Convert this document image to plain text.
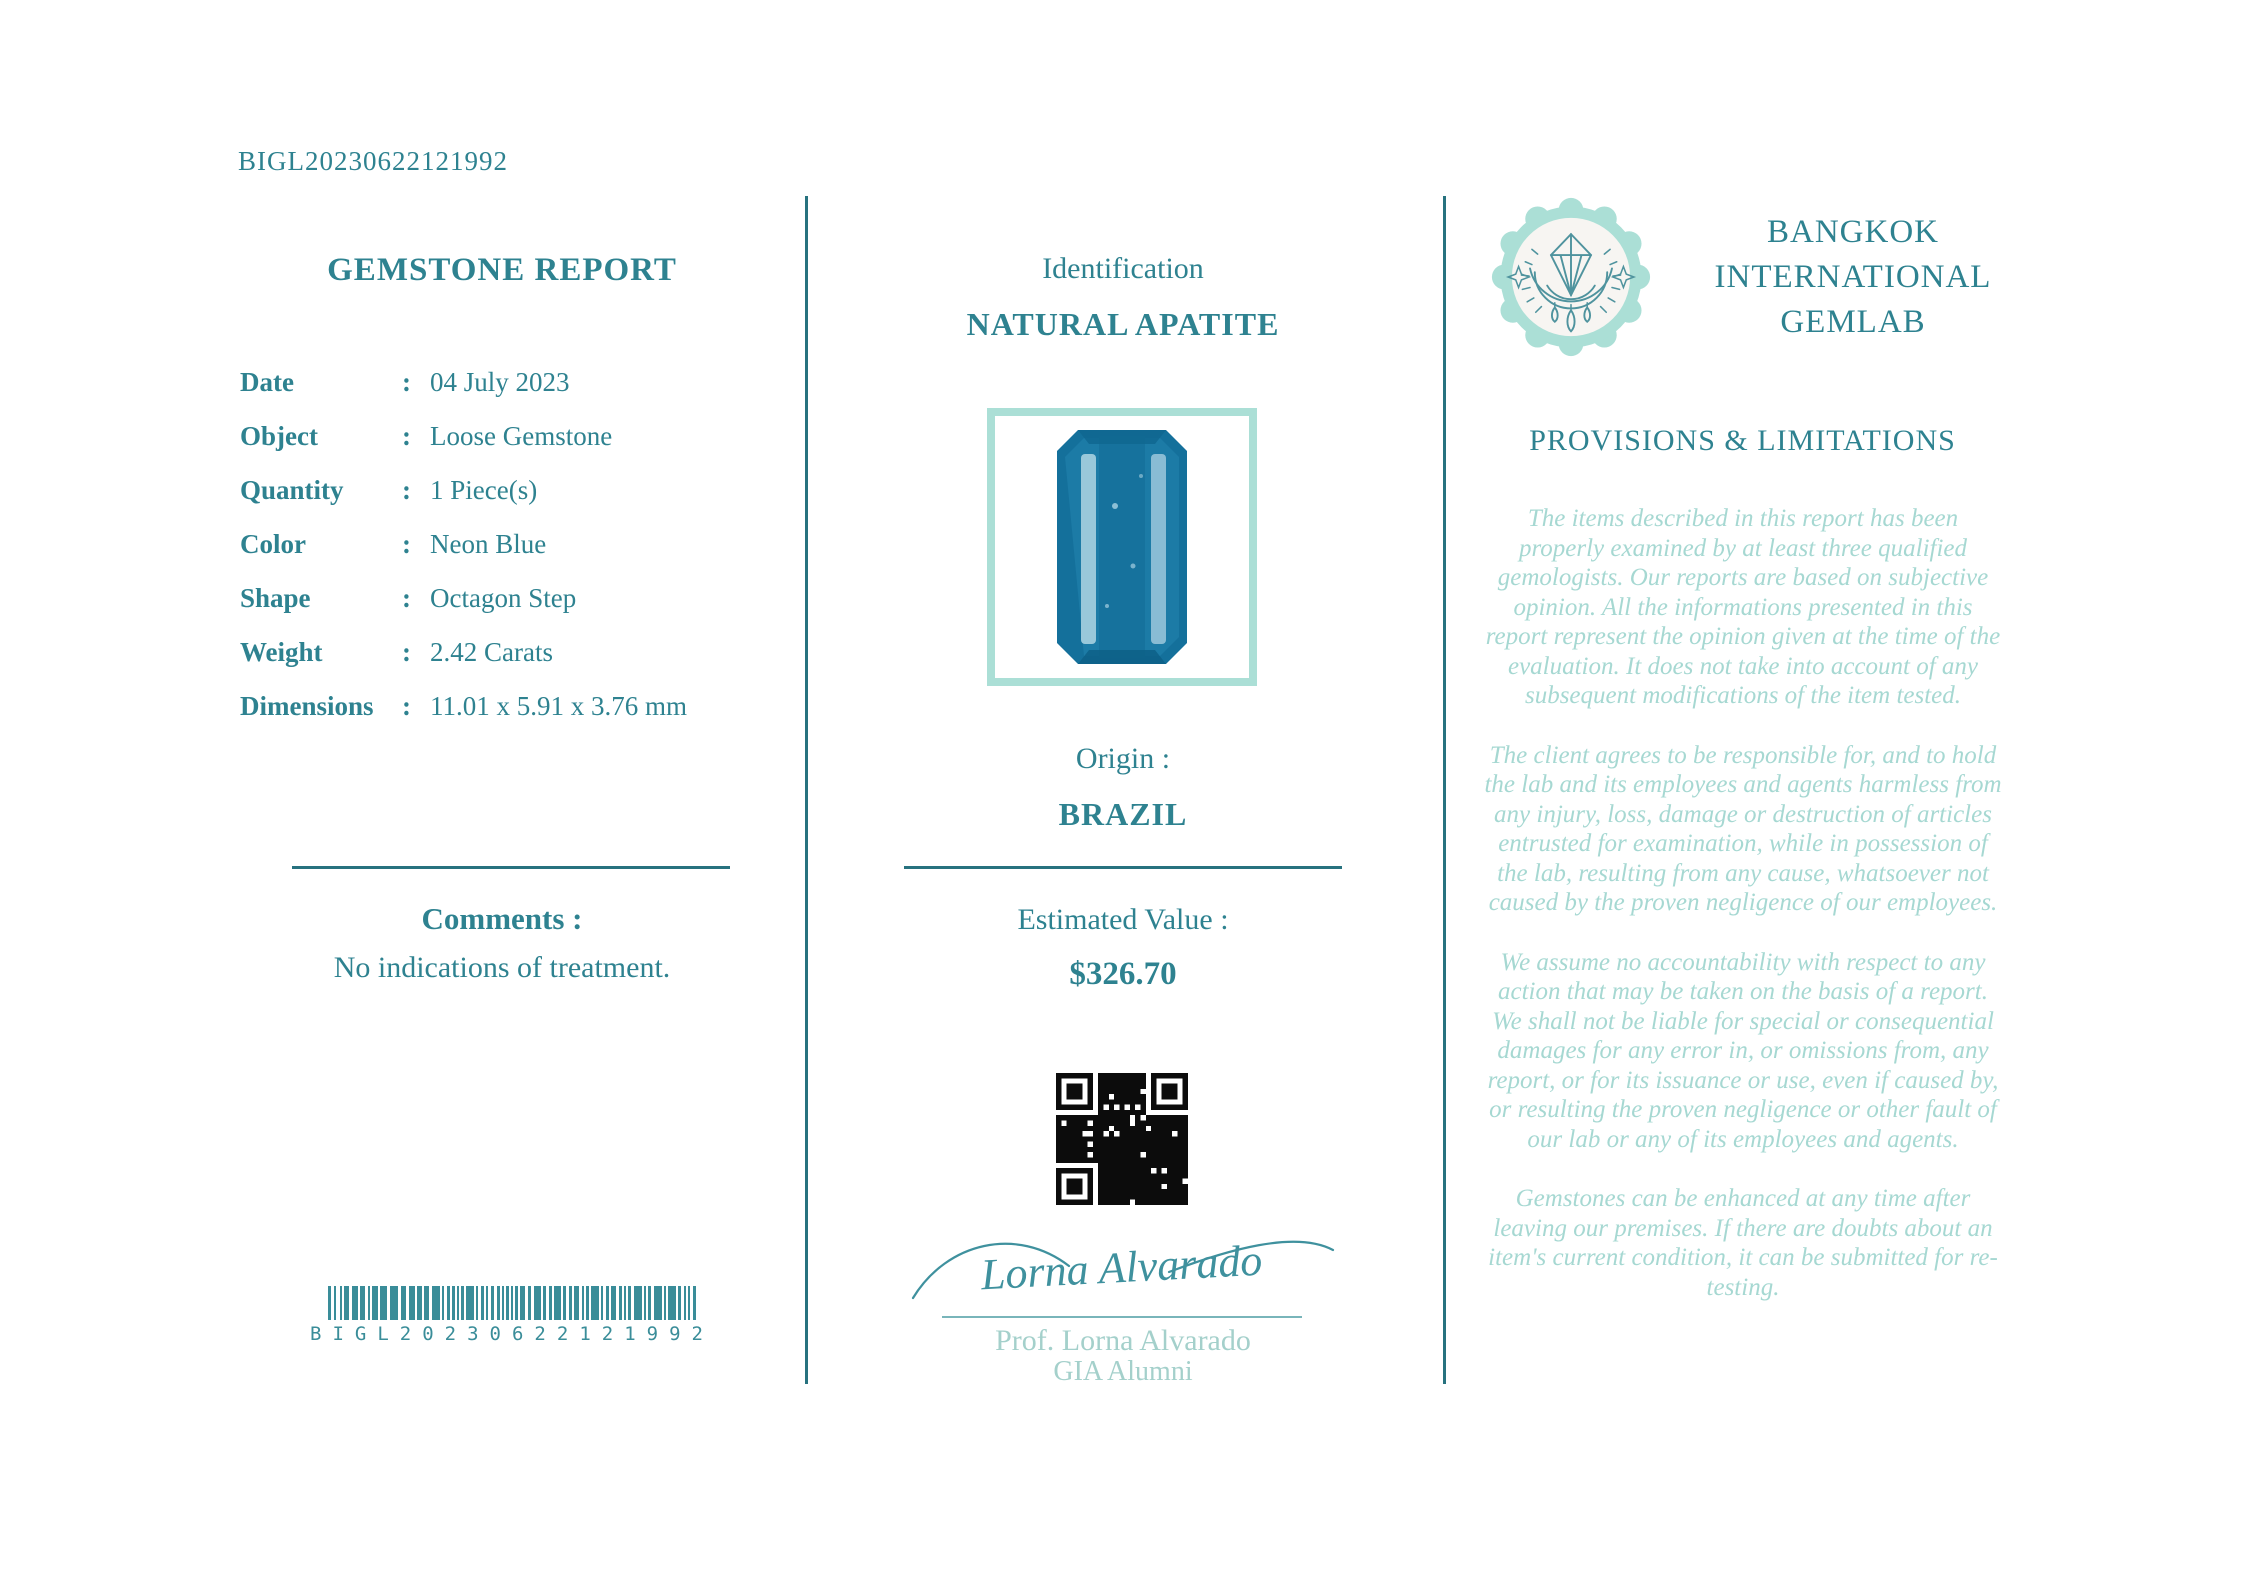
BIGL20230622121992
GEMSTONE REPORT
Date	: 04 July 2023
Object	: Loose Gemstone
Quantity	: 1 Piece(s)
Color	: Neon Blue
Shape	: Octagon Step
Weight	: 2.42 Carats
Dimensions	: 11.01 x 5.91 x 3.76 mm
Comments :
No indications of treatment.
BIGL20230622121992
Identification
NATURAL APATITE
Origin :
BRAZIL
Estimated Value :
$326.70
Lorna Alvarado
Prof. Lorna Alvarado
GIA Alumni
BANGKOK
INTERNATIONAL
GEMLAB
PROVISIONS & LIMITATIONS

The items described in this report has been properly examined by at least three qualified gemologists. Our reports are based on subjective opinion. All the informations presented in this report represent the opinion given at the time of the evaluation. It does not take into account of any subsequent modifications of the item tested.

The client agrees to be responsible for, and to hold the lab and its employees and agents harmless from any injury, loss, damage or destruction of articles entrusted for examination, while in possession of the lab, resulting from any cause, whatsoever not caused by the proven negligence of our employees.

We assume no accountability with respect to any action that may be taken on the basis of a report. We shall not be liable for special or consequential damages for any error in, or omissions from, any report, or for its issuance or use, even if caused by, or resulting the proven negligence or other fault of our lab or any of its employees and agents.

Gemstones can be enhanced at any time after leaving our premises. If there are doubts about an item's current condition, it can be submitted for re-testing.
